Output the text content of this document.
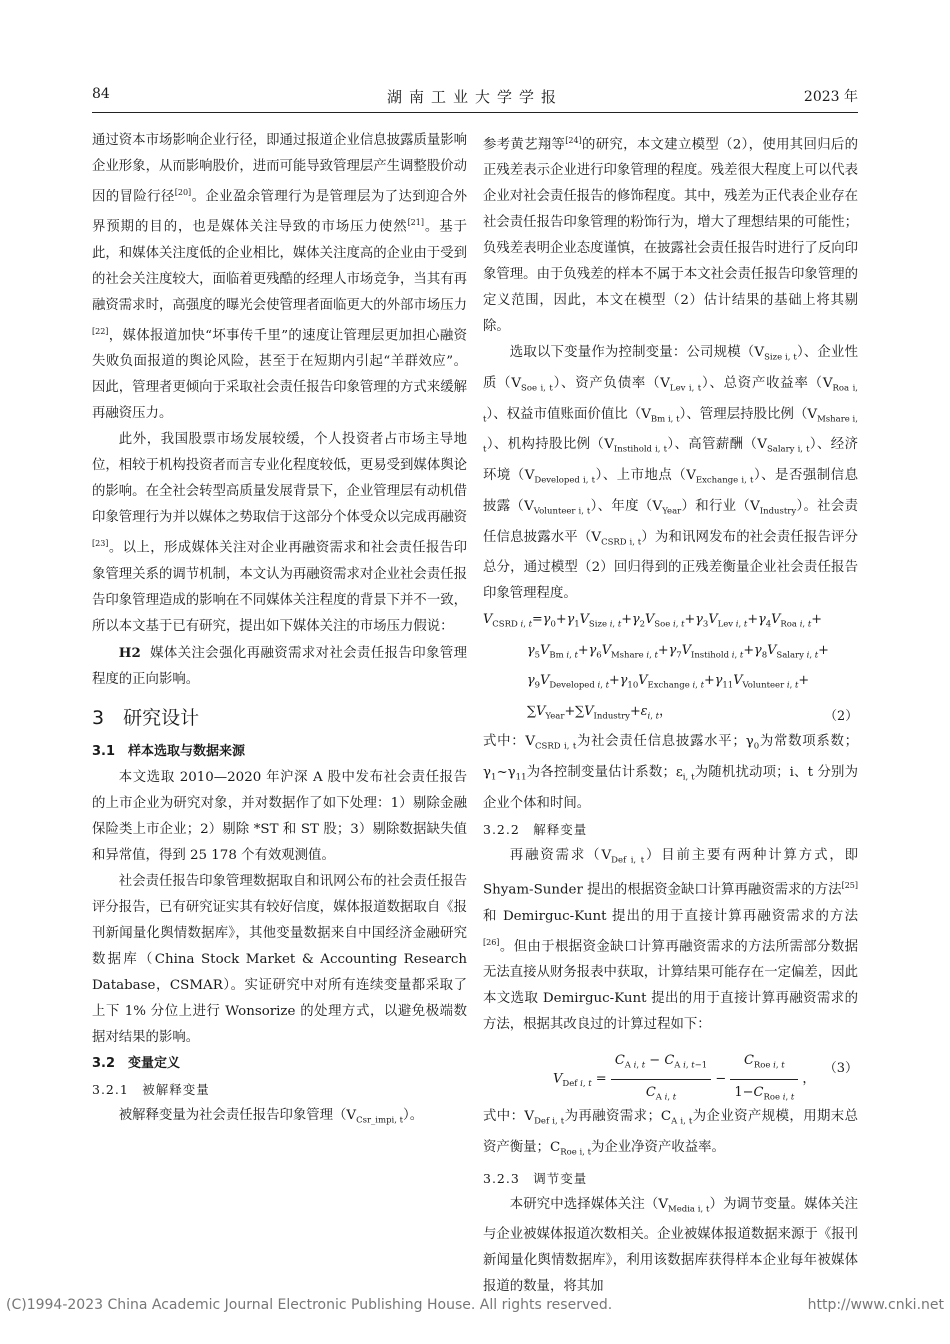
84	湖南工业大学学报	2023 年

通过资本市场影响企业行径，即通过报道企业信息披露质量影响企业形象，从而影响股价，进而可能导致管理层产生调整股价动因的冒险行径[20]。企业盈余管理行为是管理层为了达到迎合外界预期的目的，也是媒体关注导致的市场压力使然[21]。基于此，和媒体关注度低的企业相比，媒体关注度高的企业由于受到的社会关注度较大，面临着更残酷的经理人市场竞争，当其有再融资需求时，高强度的曝光会使管理者面临更大的外部市场压力[22]，媒体报道加快“坏事传千里”的速度让管理层更加担心融资失败负面报道的舆论风险，甚至于在短期内引起“羊群效应”。因此，管理者更倾向于采取社会责任报告印象管理的方式来缓解再融资压力。

此外，我国股票市场发展较缓，个人投资者占市场主导地位，相较于机构投资者而言专业化程度较低，更易受到媒体舆论的影响。在全社会转型高质量发展背景下，企业管理层有动机借印象管理行为并以媒体之势取信于这部分个体受众以完成再融资[23]。以上，形成媒体关注对企业再融资需求和社会责任报告印象管理关系的调节机制，本文认为再融资需求对企业社会责任报告印象管理造成的影响在不同媒体关注程度的背景下并不一致，所以本文基于已有研究，提出如下媒体关注的市场压力假说：

H2 媒体关注会强化再融资需求对社会责任报告印象管理程度的正向影响。

3　研究设计

3.1　样本选取与数据来源

本文选取 2010—2020 年沪深 A 股中发布社会责任报告的上市企业为研究对象，并对数据作了如下处理：1）剔除金融保险类上市企业；2）剔除 *ST 和 ST 股；3）剔除数据缺失值和异常值，得到 25 178 个有效观测值。

社会责任报告印象管理数据取自和讯网公布的社会责任报告评分报告，已有研究证实其有较好信度，媒体报道数据取自《报刊新闻量化舆情数据库》，其他变量数据来自中国经济金融研究数据库（China Stock Market & Accounting Research Database，CSMAR）。实证研究中对所有连续变量都采取了上下 1% 分位上进行 Wonsorize 的处理方式，以避免极端数据对结果的影响。

3.2　变量定义

3.2.1　被解释变量

被解释变量为社会责任报告印象管理$(V_{Csr\_impi, t})$。

参考黄艺翔等[24]的研究，本文建立模型（2），使用其回归后的正残差表示企业进行印象管理的程度。残差很大程度上可以代表企业对社会责任报告的修饰程度。其中，残差为正代表企业存在社会责任报告印象管理的粉饰行为，增大了理想结果的可能性；负残差表明企业态度谨慎，在披露社会责任报告时进行了反向印象管理。由于负残差的样本不属于本文社会责任报告印象管理的定义范围，因此，本文在模型（2）估计结果的基础上将其剔除。

选取以下变量作为控制变量：公司规模$(V_{Size i, t})$、企业性质$(V_{Soe i, t})$、资产负债率$(V_{Lev i, t})$、总资产收益率$(V_{Roa i, t})$、权益市值账面价值比$(V_{Bm i, t})$、管理层持股比例$(V_{Mshare i, t})$、机构持股比例$(V_{Instihold i, t})$、高管薪酬$(V_{Salary i, t})$、经济环境$(V_{Developed i, t})$、上市地点$(V_{Exchange i, t})$、是否强制信息披露$(V_{Volunteer i, t})$、年度$(V_{Year})$和行业$(V_{Industry})$。社会责任信息披露水平$(V_{CSRD i, t})$为和讯网发布的社会责任报告评分总分，通过模型（2）回归得到的正残差衡量企业社会责任报告印象管理程度。

$V_{CSRD i, t}=\gamma_0+\gamma_1V_{Size i, t}+\gamma_2V_{Soe i, t}+\gamma_3V_{Lev i, t}+\gamma_4V_{Roa i, t}+$
$\gamma_5V_{Bm i, t}+\gamma_6V_{Mshare i, t}+\gamma_7V_{Instihold i, t}+\gamma_8V_{Salary i, t}+$
$\gamma_9V_{Developed i, t}+\gamma_{10}V_{Exchange i, t}+\gamma_{11}V_{Volunteer i, t}+$
$\sum V_{Year}+\sum V_{Industry}+\varepsilon_{i, t}$，	（2）

式中：$V_{CSRD i, t}$为社会责任信息披露水平；$\gamma_0$为常数项系数；$\gamma_1\sim\gamma_{11}$为各控制变量估计系数；$\varepsilon_{i, t}$为随机扰动项；i、t 分别为企业个体和时间。

3.2.2　解释变量

再融资需求$(V_{Def i, t})$目前主要有两种计算方式，即 Shyam-Sunder 提出的根据资金缺口计算再融资需求的方法[25]和 Demirguc-Kunt 提出的用于直接计算再融资需求的方法[26]。但由于根据资金缺口计算再融资需求的方法所需部分数据无法直接从财务报表中获取，计算结果可能存在一定偏差，因此本文选取 Demirguc-Kunt 提出的用于直接计算再融资需求的方法，根据其改良过的计算过程如下：

$V_{Def i, t} = \frac{C_{A i, t} - C_{A i, t-1}}{C_{A i, t}} - \frac{C_{Roe i, t}}{1-C_{Roe i, t}}$ ，
（3）

式中：$V_{Def i, t}$为再融资需求；$C_{A i, t}$为企业资产规模，用期末总资产衡量；$C_{Roe i, t}$为企业净资产收益率。

3.2.3　调节变量

本研究中选择媒体关注$(V_{Media i, t})$为调节变量。媒体关注与企业被媒体报道次数相关。企业被媒体报道数据来源于《报刊新闻量化舆情数据库》，利用该数据库获得样本企业每年被媒体报道的数量，将其加

(C)1994-2023 China Academic Journal Electronic Publishing House. All rights reserved.	http://www.cnki.net
